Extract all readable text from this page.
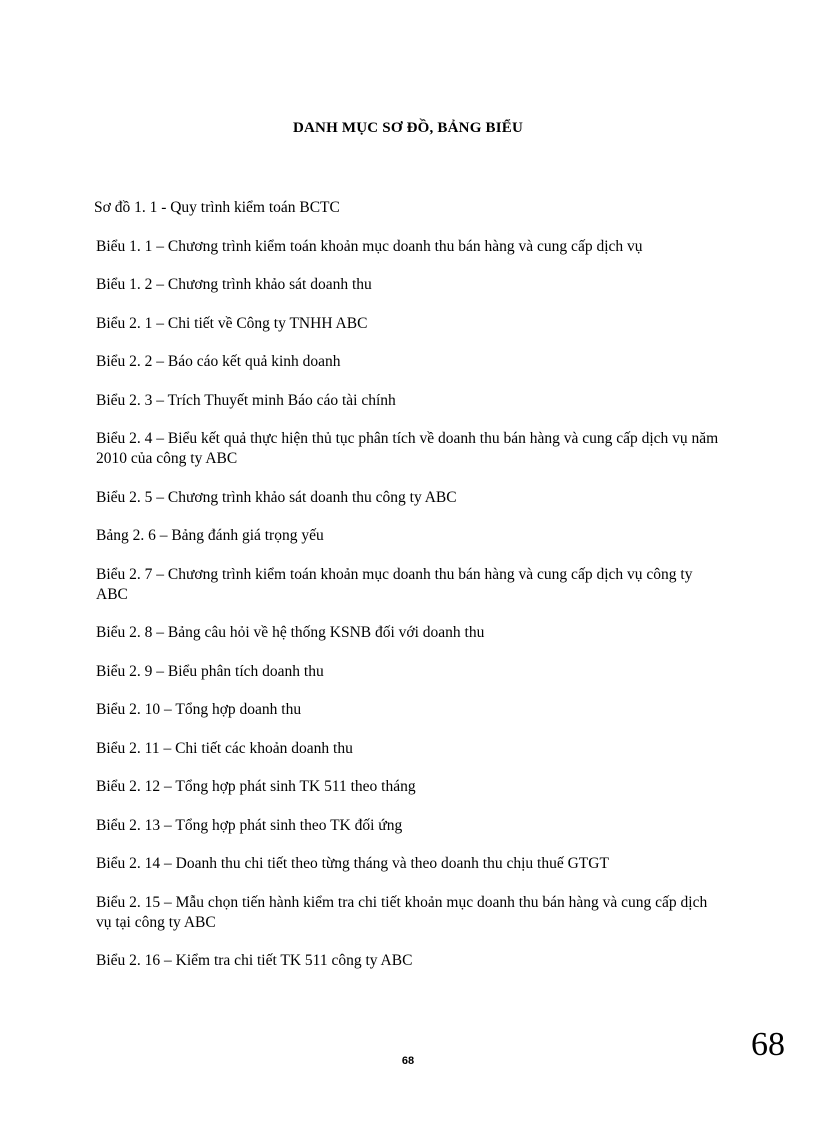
DANH MỤC SƠ ĐỒ, BẢNG BIỂU
Sơ đồ 1. 1 - Quy trình kiểm toán BCTC
Biểu 1. 1 – Chương trình kiểm toán khoản mục doanh thu bán hàng và cung cấp dịch vụ
Biểu 1. 2 – Chương trình khảo sát doanh thu
Biểu 2. 1 – Chi tiết về Công ty TNHH ABC
Biểu 2. 2 – Báo cáo kết quả kinh doanh
Biểu 2. 3 – Trích Thuyết minh Báo cáo tài chính
Biểu 2. 4 – Biểu kết quả thực hiện thủ tục phân tích về doanh thu bán hàng và cung cấp dịch vụ năm 2010 của công ty ABC
Biểu 2. 5 – Chương trình khảo sát doanh thu công ty ABC
Bảng 2. 6 – Bảng đánh giá trọng yếu
Biểu 2. 7 – Chương trình kiểm toán khoản mục doanh thu bán hàng và cung cấp dịch vụ công ty ABC
Biểu 2. 8 – Bảng câu hỏi về hệ thống KSNB đối với doanh thu
Biểu 2. 9 – Biểu phân tích doanh thu
Biểu 2. 10 – Tổng hợp doanh thu
Biểu 2. 11 – Chi tiết các khoản doanh thu
Biểu 2. 12 – Tổng hợp phát sinh TK 511 theo tháng
Biểu 2. 13 – Tổng hợp phát sinh theo TK đối ứng
Biểu 2. 14 – Doanh thu chi tiết theo từng tháng và theo doanh thu chịu thuế GTGT
Biểu 2. 15 – Mẫu chọn tiến hành kiểm tra chi tiết khoản mục doanh thu bán hàng và cung cấp dịch vụ tại công ty ABC
Biểu 2. 16 – Kiểm tra chi tiết TK 511 công ty ABC
68	68
